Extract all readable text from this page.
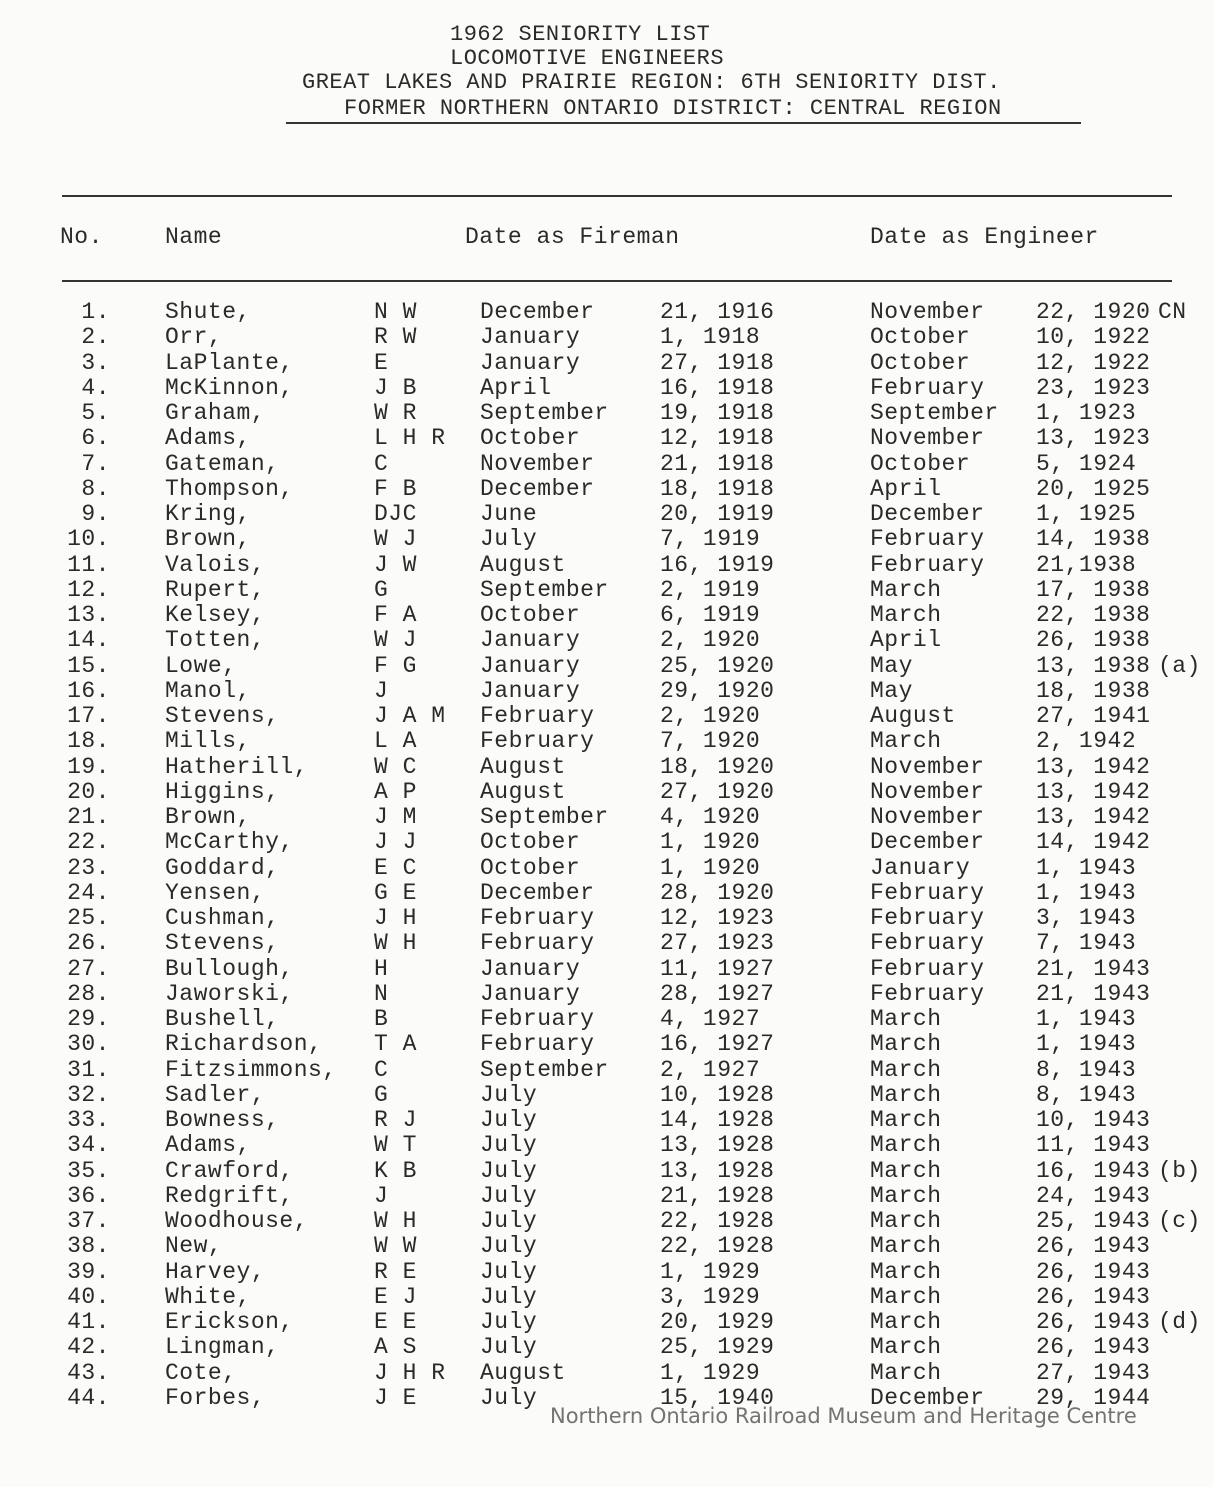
1962 SENIORITY LIST
LOCOMOTIVE ENGINEERS
GREAT LAKES AND PRAIRIE REGION: 6TH SENIORITY DIST.
FORMER NORTHERN ONTARIO DISTRICT: CENTRAL REGION
No.	Name	Date as Fireman	Date as Engineer
1. Shute,	N W	December	21, 1916	November 22, 1920 CN
2. Orr,	R W	January	1, 1918	October	10, 1922
3. LaPlante,	E	January	27, 1918	October	12, 1922
4. McKinnon,	J B	April	16, 1918	February 23, 1923
5. Graham,	W R	September 19, 1918	September 1, 1923
6. Adams,	L H R October	12, 1918	November 13, 1923
7. Gateman,	C	November	21, 1918	October	5, 1924
8. Thompson,	F B	December	18, 1918	April	20, 1925
9. Kring,	DJC	June	20, 1919	December 1, 1925
10. Brown,	W J	July	7, 1919	February 14, 1938
11. Valois,	J W	August	16, 1919	February 21,1938
12. Rupert,	G	September 2, 1919	March	17, 1938
13. Kelsey,	F A	October	6, 1919	March	22, 1938
14. Totten,	W J	January	2, 1920	April	26, 1938
15. Lowe,	F G	January	25, 1920	May	13, 1938 (a)
16. Manol,	J	January	29, 1920	May	18, 1938
17. Stevens,	J A M February	2, 1920	August	27, 1941
18. Mills,	L A	February	7, 1920	March	2, 1942
19. Hatherill,	W C	August	18, 1920	November 13, 1942
20. Higgins,	A P	August	27, 1920	November 13, 1942
21. Brown,	J M	September 4, 1920	November 13, 1942
22. McCarthy,	J J	October	1, 1920	December 14, 1942
23. Goddard,	E C	October	1, 1920	January	1, 1943
24. Yensen,	G E	December	28, 1920	February 1, 1943
25. Cushman,	J H	February	12, 1923	February 3, 1943
26. Stevens,	W H	February	27, 1923	February 7, 1943
27. Bullough,	H	January	11, 1927	February 21, 1943
28. Jaworski,	N	January	28, 1927	February 21, 1943
29. Bushell,	B	February	4, 1927	March	1, 1943
30. Richardson, T A	February	16, 1927	March	1, 1943
31. Fitzsimmons, C	September 2, 1927	March	8, 1943
32. Sadler,	G	July	10, 1928	March	8, 1943
33. Bowness,	R J	July	14, 1928	March	10, 1943
34. Adams,	W T	July	13, 1928	March	11, 1943
35. Crawford,	K B	July	13, 1928	March	16, 1943 (b)
36. Redgrift,	J	July	21, 1928	March	24, 1943
37. Woodhouse,	W H	July	22, 1928	March	25, 1943 (c)
38. New,	W W	July	22, 1928	March	26, 1943
39. Harvey,	R E	July	1, 1929	March	26, 1943
40. White,	E J	July	3, 1929	March	26, 1943
41. Erickson,	E E	July	20, 1929	March	26, 1943 (d)
42. Lingman,	A S	July	25, 1929	March	26, 1943
43. Cote,	J H R August	1, 1929	March	27, 1943
44. Forbes,	J E	July	15, 1940	December 29, 1944
Northern Ontario Railroad Museum and Heritage Centre
